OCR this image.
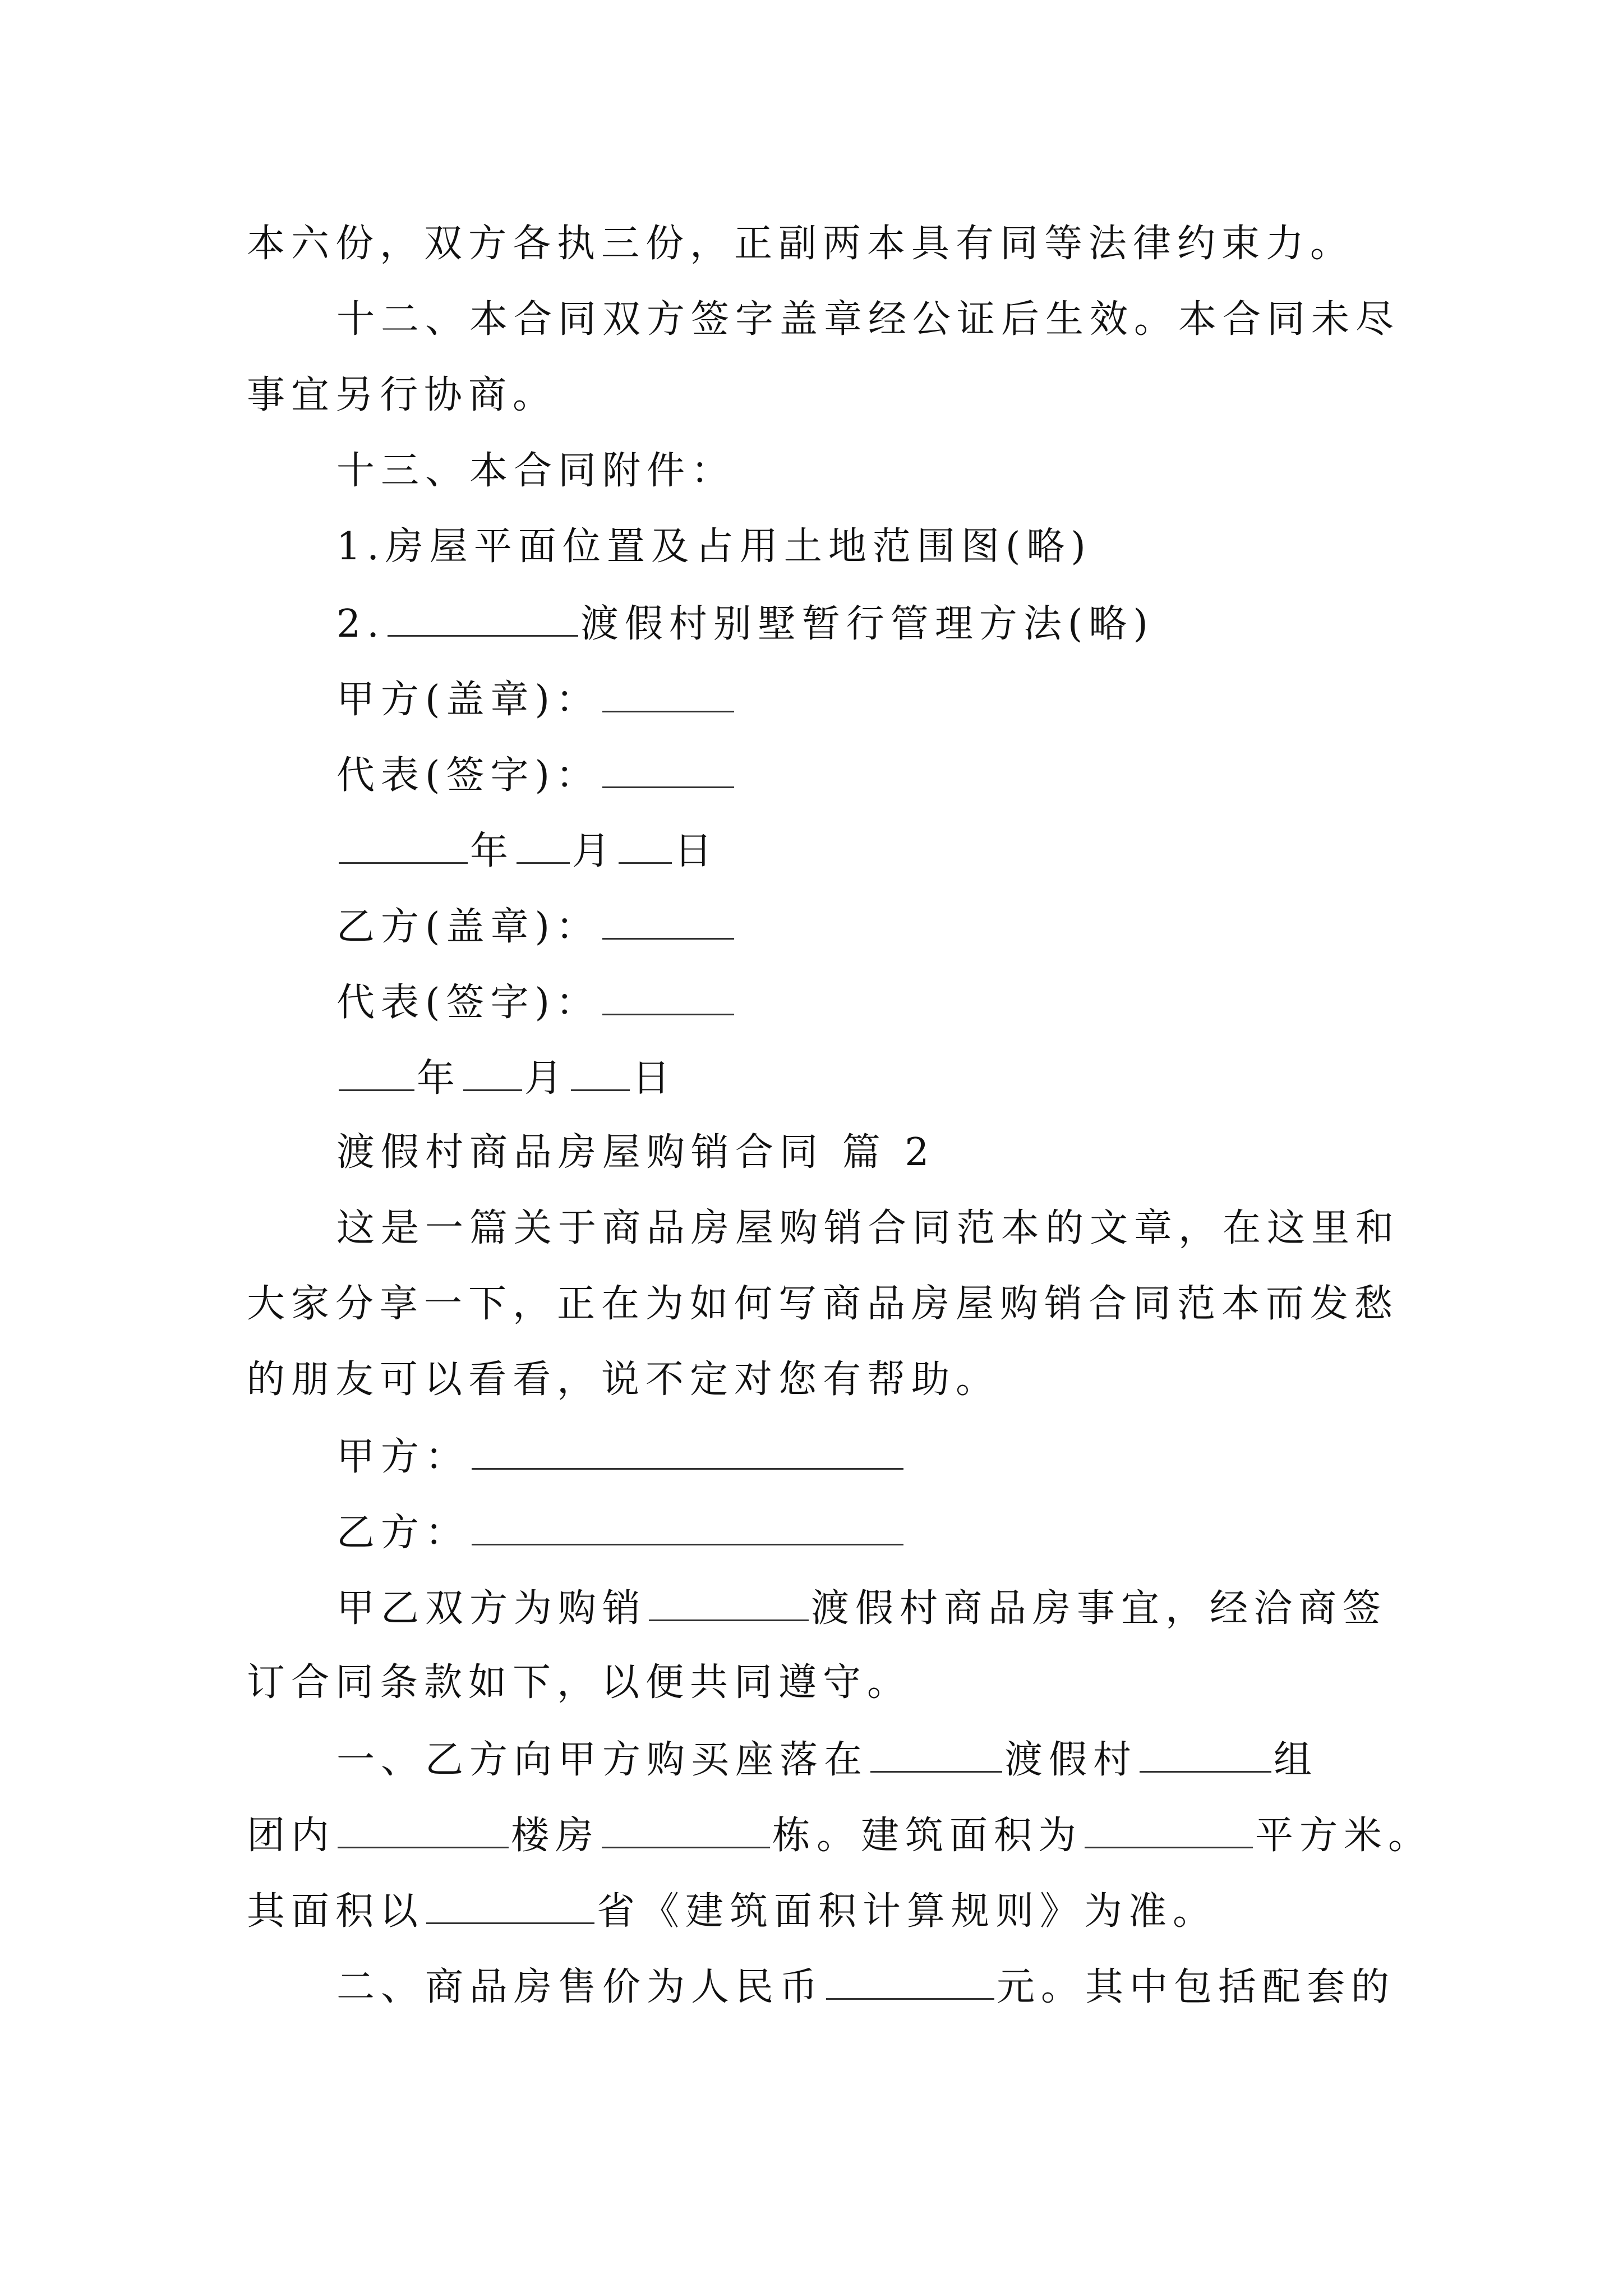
本六份，双方各执三份，正副两本具有同等法律约束力。
十二、本合同双方签字盖章经公证后生效。本合同未尽
事宜另行协商。
十三、本合同附件：
1.房屋平面位置及占用土地范围图(略)
2.	渡假村别墅暂行管理方法(略)
甲方(盖章)：
代表(签字)：
年 月 日
乙方(盖章)：
代表(签字)：
年 月 日
渡假村商品房屋购销合同 篇 2
这是一篇关于商品房屋购销合同范本的文章，在这里和
大家分享一下，正在为如何写商品房屋购销合同范本而发愁
的朋友可以看看，说不定对您有帮助。
甲方：
乙方：
甲乙双方为购销	渡假村商品房事宜，经洽商签
订合同条款如下，以便共同遵守。
一、乙方向甲方购买座落在	渡假村	组
团内	楼房	栋。建筑面积为	平方米。
其面积以	省《建筑面积计算规则》为准。
二、商品房售价为人民币	元。其中包括配套的
